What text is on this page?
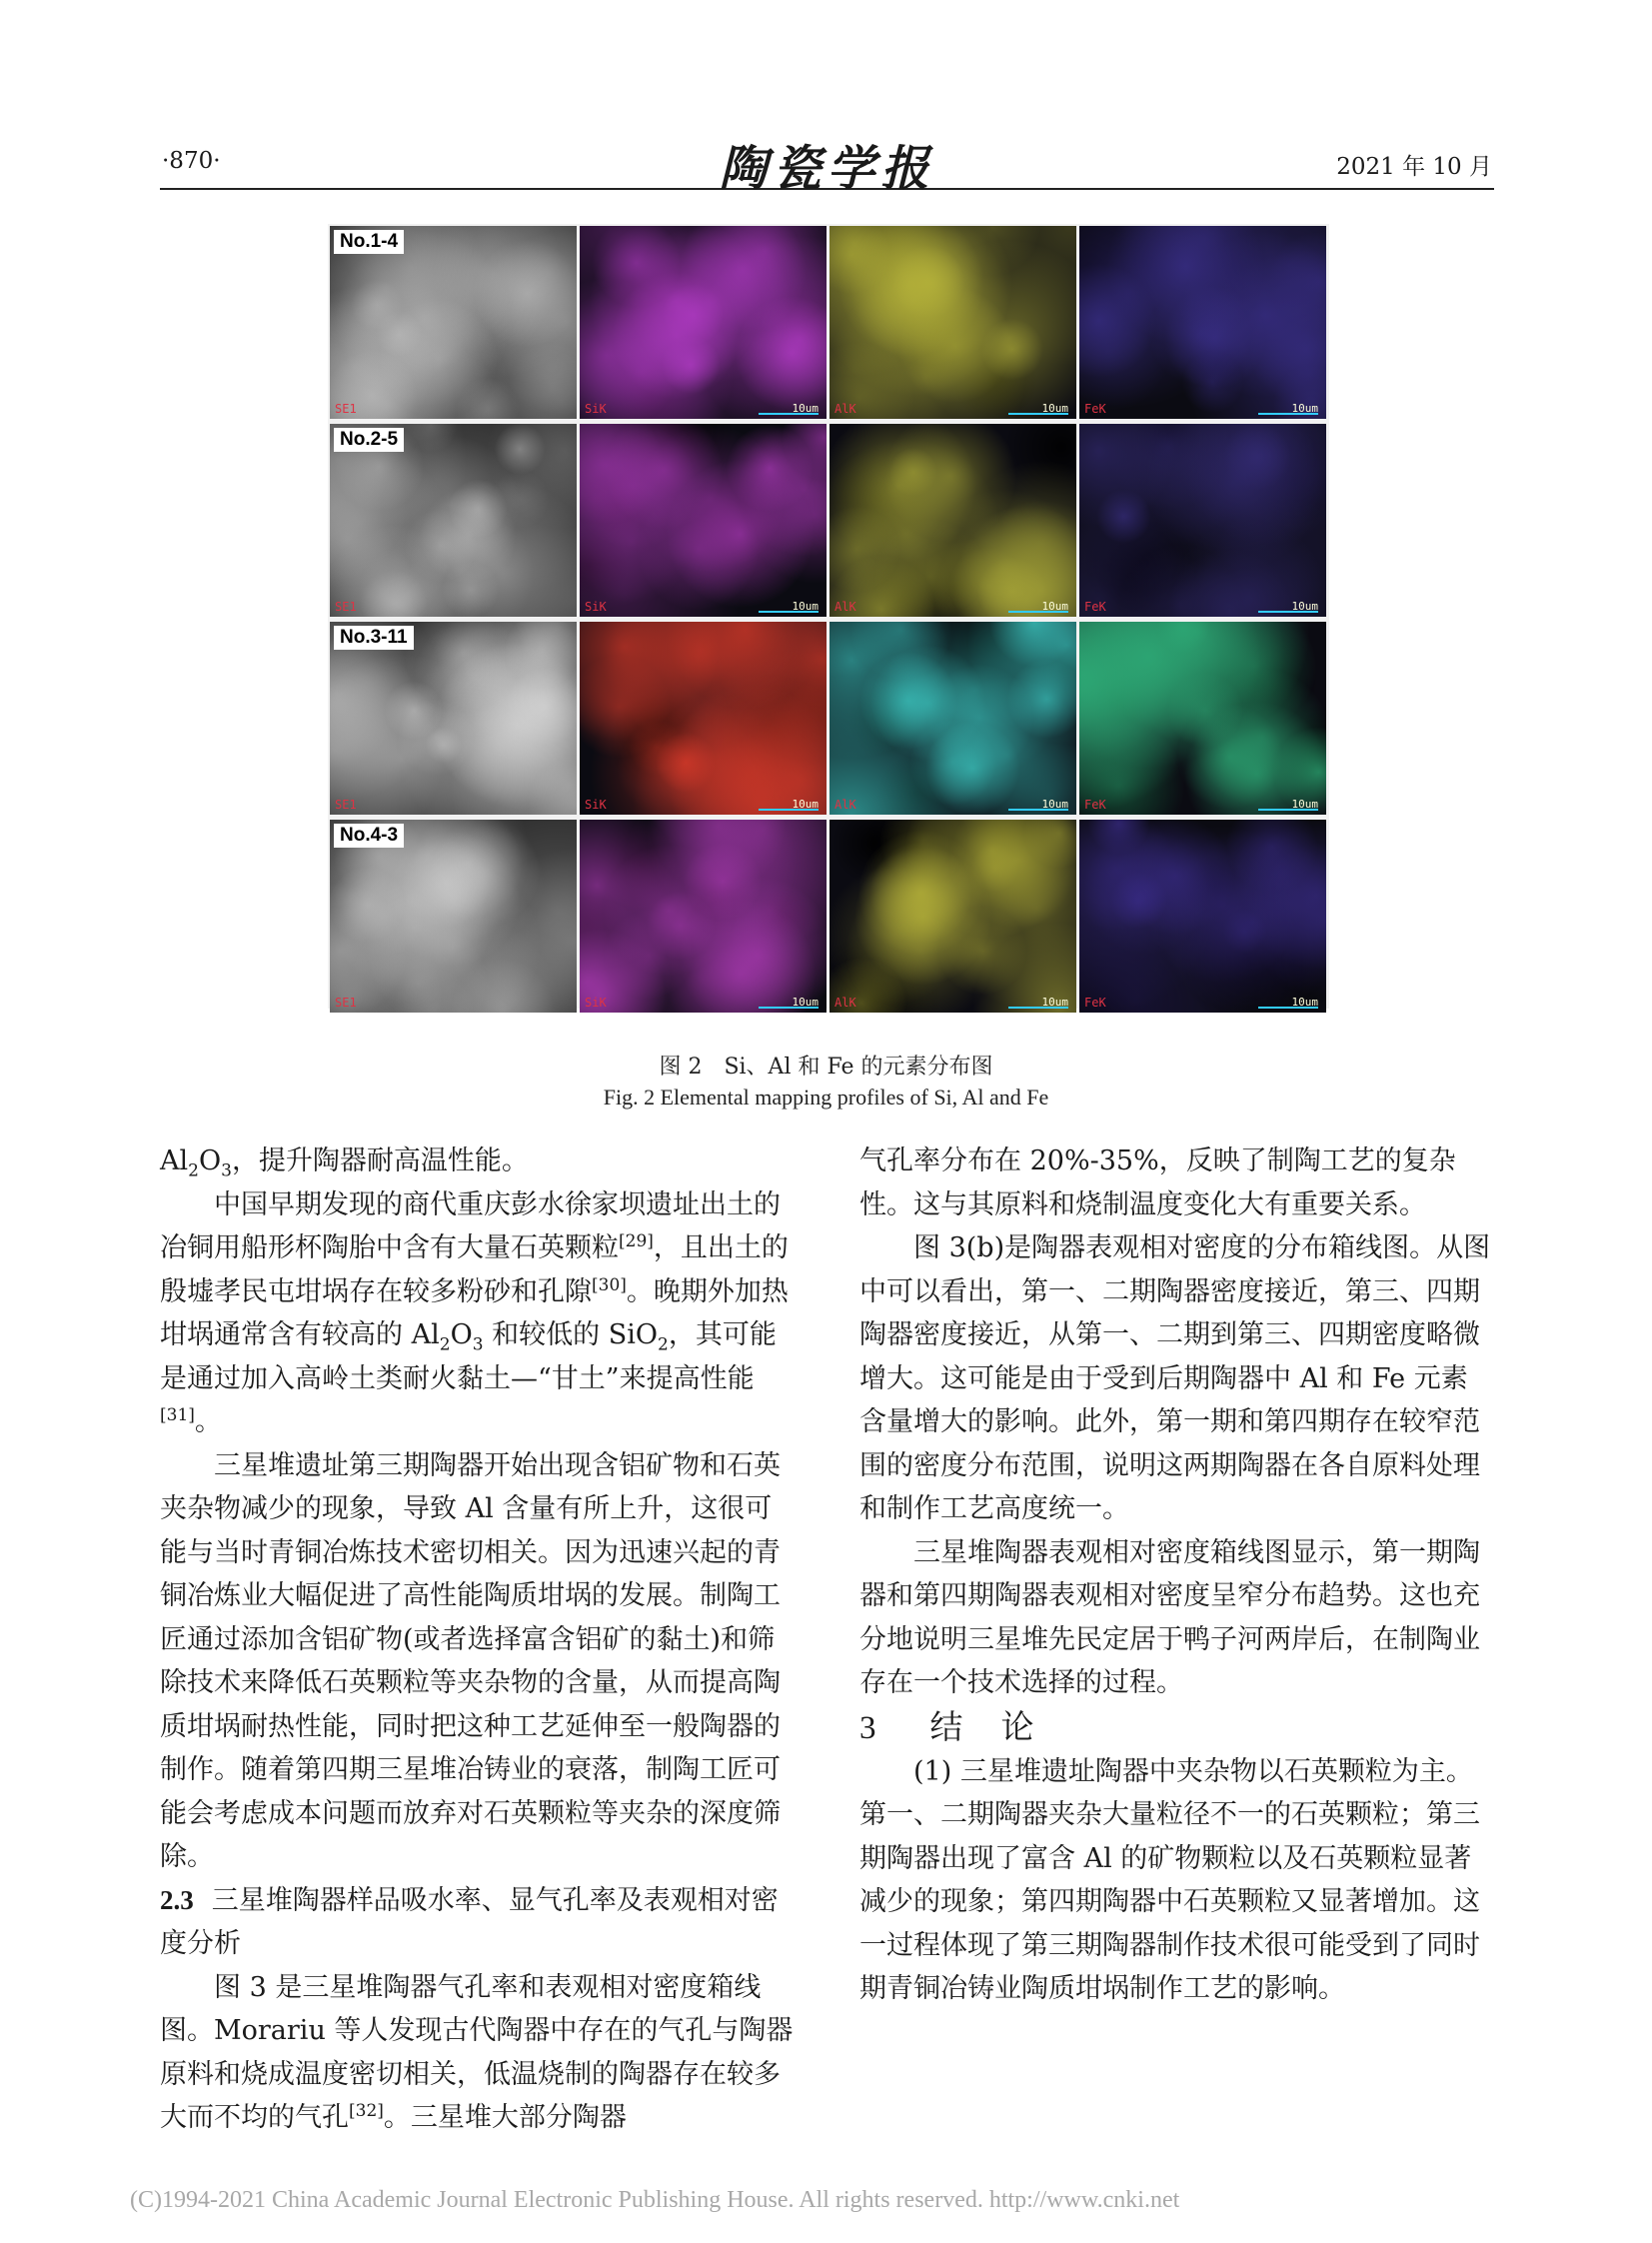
·870·	陶瓷学报	2021 年 10 月
No.1-4
SE1	SiK	10um AlK	10um FeK	10um
No.2-5
SE1	SiK	10um AlK	10um FeK	10um
No.3-11
SE1	SiK	10um AlK	10um FeK	10um
No.4-3
SE1	SiK	10um AlK	10um FeK	10um
图 2　Si、Al 和 Fe 的元素分布图
Fig. 2 Elemental mapping profiles of Si, Al and Fe

$Al_2O_3$，提升陶器耐高温性能。

中国早期发现的商代重庆彭水徐家坝遗址出土的冶铜用船形杯陶胎中含有大量石英颗粒[29]，且出土的殷墟孝民屯坩埚存在较多粉砂和孔隙[30]。晚期外加热坩埚通常含有较高的 $Al_2O_3$ 和较低的 SiO$_2$，其可能是通过加入高岭土类耐火黏土—“甘土”来提高性能[31]。

三星堆遗址第三期陶器开始出现含铝矿物和石英夹杂物减少的现象，导致 Al 含量有所上升，这很可能与当时青铜冶炼技术密切相关。因为迅速兴起的青铜冶炼业大幅促进了高性能陶质坩埚的发展。制陶工匠通过添加含铝矿物(或者选择富含铝矿的黏土)和筛除技术来降低石英颗粒等夹杂物的含量，从而提高陶质坩埚耐热性能，同时把这种工艺延伸至一般陶器的制作。随着第四期三星堆冶铸业的衰落，制陶工匠可能会考虑成本问题而放弃对石英颗粒等夹杂的深度筛除。

2.3 三星堆陶器样品吸水率、显气孔率及表观相对密度分析

图 3 是三星堆陶器气孔率和表观相对密度箱线图。Morariu 等人发现古代陶器中存在的气孔与陶器原料和烧成温度密切相关，低温烧制的陶器存在较多大而不均的气孔[32]。三星堆大部分陶器

气孔率分布在 20%-35%，反映了制陶工艺的复杂性。这与其原料和烧制温度变化大有重要关系。

图 3(b)是陶器表观相对密度的分布箱线图。从图中可以看出，第一、二期陶器密度接近，第三、四期陶器密度接近，从第一、二期到第三、四期密度略微增大。这可能是由于受到后期陶器中 Al 和 Fe 元素含量增大的影响。此外，第一期和第四期存在较窄范围的密度分布范围，说明这两期陶器在各自原料处理和制作工艺高度统一。

三星堆陶器表观相对密度箱线图显示，第一期陶器和第四期陶器表观相对密度呈窄分布趋势。这也充分地说明三星堆先民定居于鸭子河两岸后，在制陶业存在一个技术选择的过程。

3 结论

(1) 三星堆遗址陶器中夹杂物以石英颗粒为主。第一、二期陶器夹杂大量粒径不一的石英颗粒；第三期陶器出现了富含 Al 的矿物颗粒以及石英颗粒显著减少的现象；第四期陶器中石英颗粒又显著增加。这一过程体现了第三期陶器制作技术很可能受到了同时期青铜冶铸业陶质坩埚制作工艺的影响。

(C)1994-2021 China Academic Journal Electronic Publishing House. All rights reserved. http://www.cnki.net
